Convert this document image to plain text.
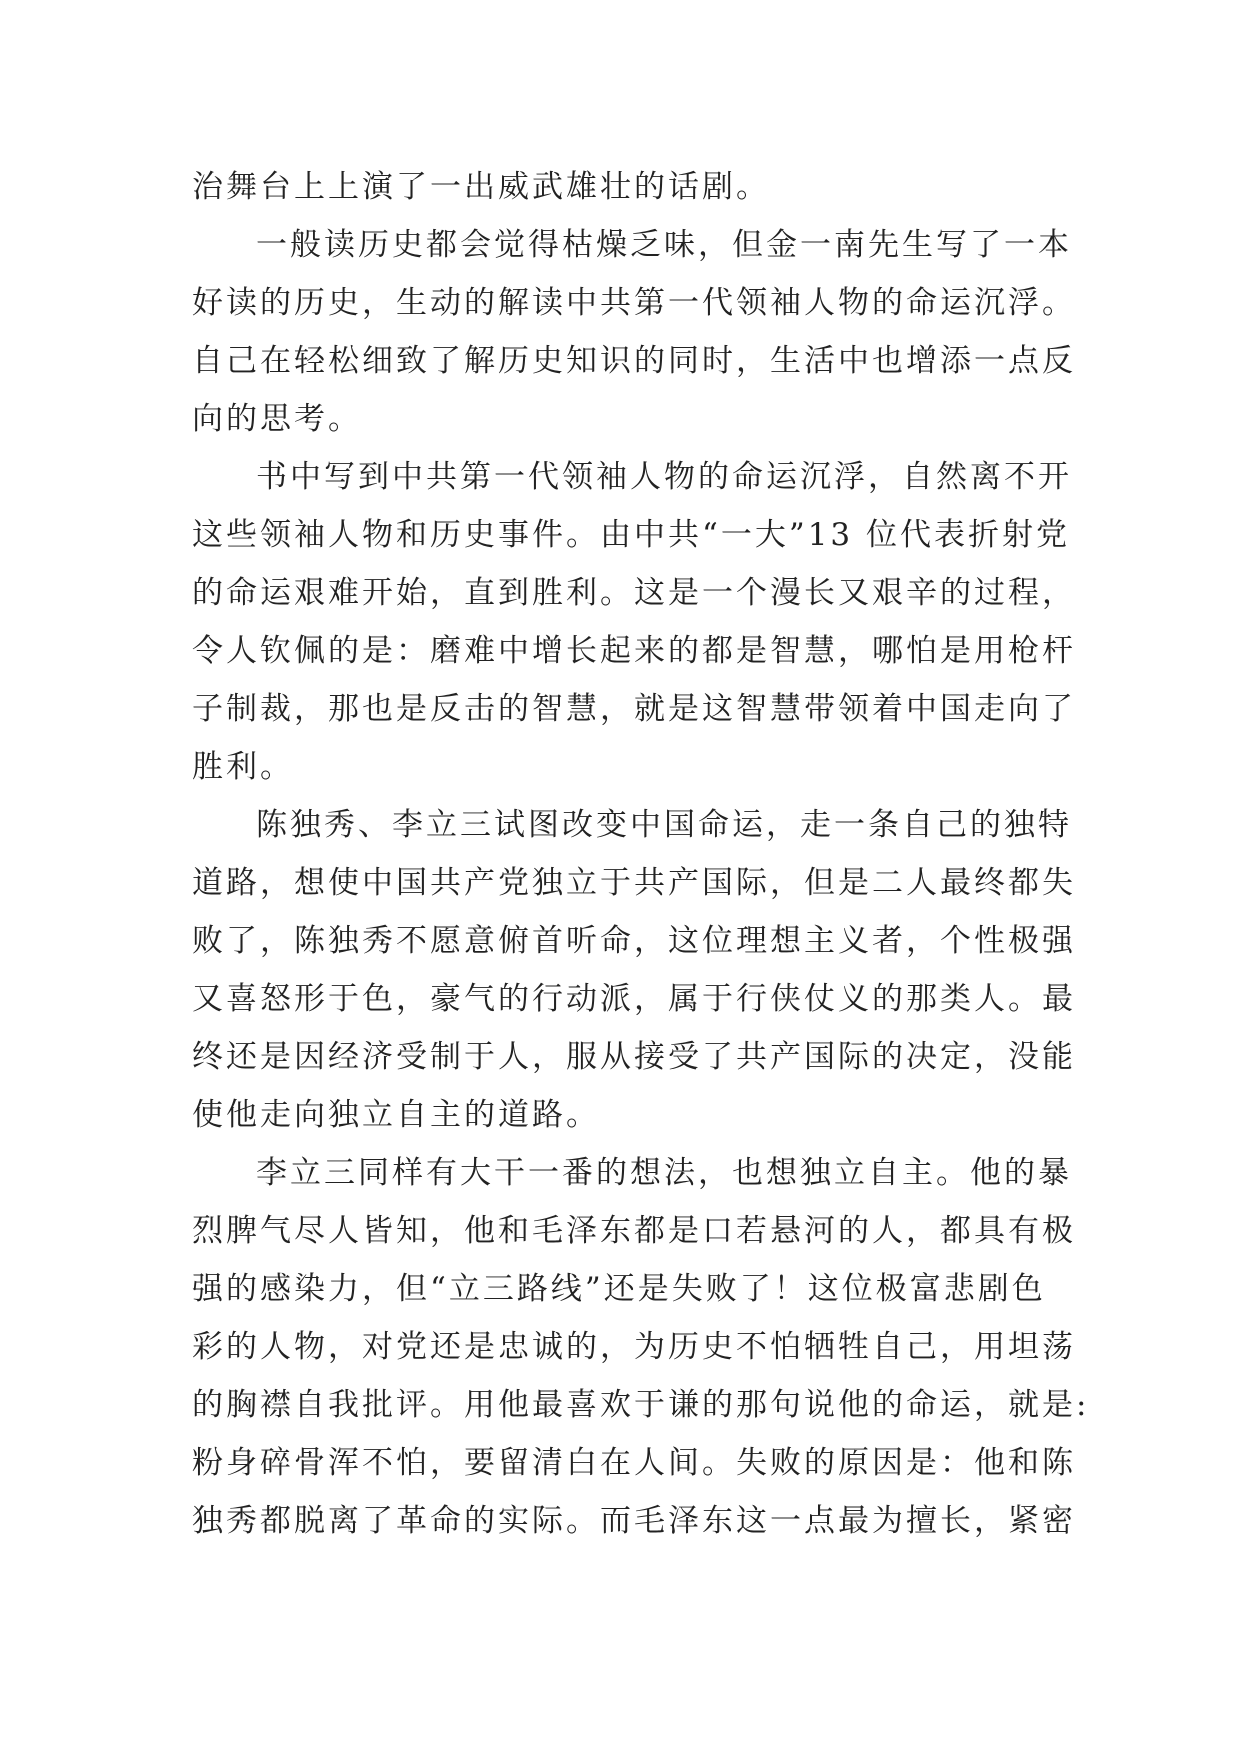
治舞台上上演了一出威武雄壮的话剧。
一般读历史都会觉得枯燥乏味，但金一南先生写了一本
好读的历史，生动的解读中共第一代领袖人物的命运沉浮。
自己在轻松细致了解历史知识的同时，生活中也增添一点反
向的思考。
书中写到中共第一代领袖人物的命运沉浮，自然离不开
这些领袖人物和历史事件。由中共“一大”13 位代表折射党
的命运艰难开始，直到胜利。这是一个漫长又艰辛的过程，
令人钦佩的是：磨难中增长起来的都是智慧，哪怕是用枪杆
子制裁，那也是反击的智慧，就是这智慧带领着中国走向了
胜利。
陈独秀、李立三试图改变中国命运，走一条自己的独特
道路，想使中国共产党独立于共产国际，但是二人最终都失
败了，陈独秀不愿意俯首听命，这位理想主义者，个性极强
又喜怒形于色，豪气的行动派，属于行侠仗义的那类人。最
终还是因经济受制于人，服从接受了共产国际的决定，没能
使他走向独立自主的道路。
李立三同样有大干一番的想法，也想独立自主。他的暴
烈脾气尽人皆知，他和毛泽东都是口若悬河的人，都具有极
强的感染力，但“立三路线”还是失败了！这位极富悲剧色
彩的人物，对党还是忠诚的，为历史不怕牺牲自己，用坦荡
的胸襟自我批评。用他最喜欢于谦的那句说他的命运，就是:
粉身碎骨浑不怕，要留清白在人间。失败的原因是：他和陈
独秀都脱离了革命的实际。而毛泽东这一点最为擅长，紧密
